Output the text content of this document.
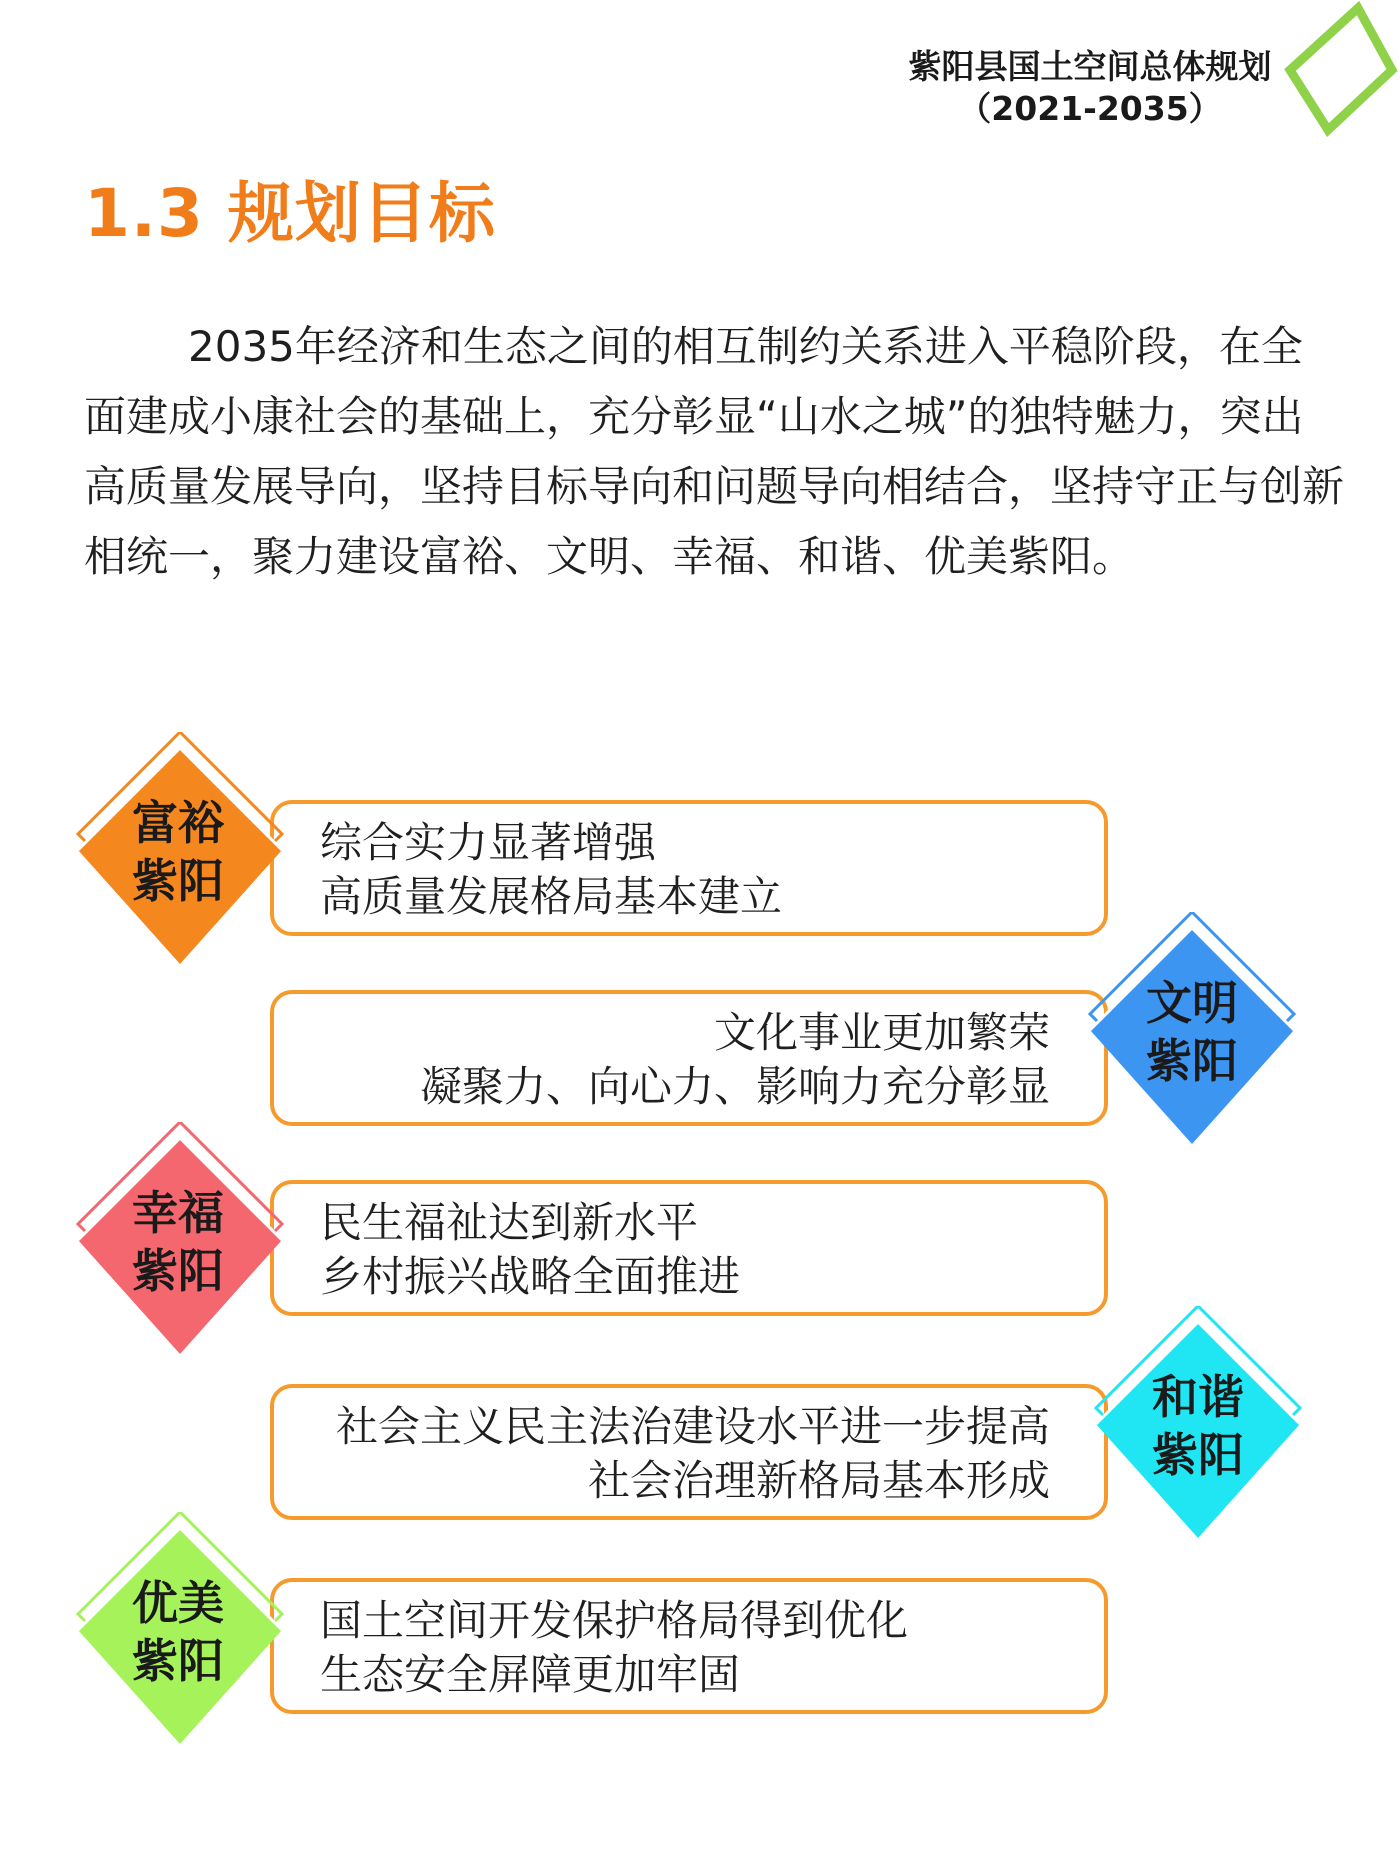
紫阳县国土空间总体规划
（2021-2035）
1.3 规划目标

2035年经济和生态之间的相互制约关系进入平稳阶段，在全面建成小康社会的基础上，充分彰显“山水之城”的独特魅力，突出高质量发展导向，坚持目标导向和问题导向相结合，坚持守正与创新相统一，聚力建设富裕、文明、幸福、和谐、优美紫阳。

综合实力显著增强
高质量发展格局基本建立
富裕
紫阳
文化事业更加繁荣
凝聚力、向心力、影响力充分彰显
文明
紫阳
民生福祉达到新水平
乡村振兴战略全面推进
幸福
紫阳
社会主义民主法治建设水平进一步提高
社会治理新格局基本形成
和谐
紫阳
国土空间开发保护格局得到优化
生态安全屏障更加牢固
优美
紫阳
